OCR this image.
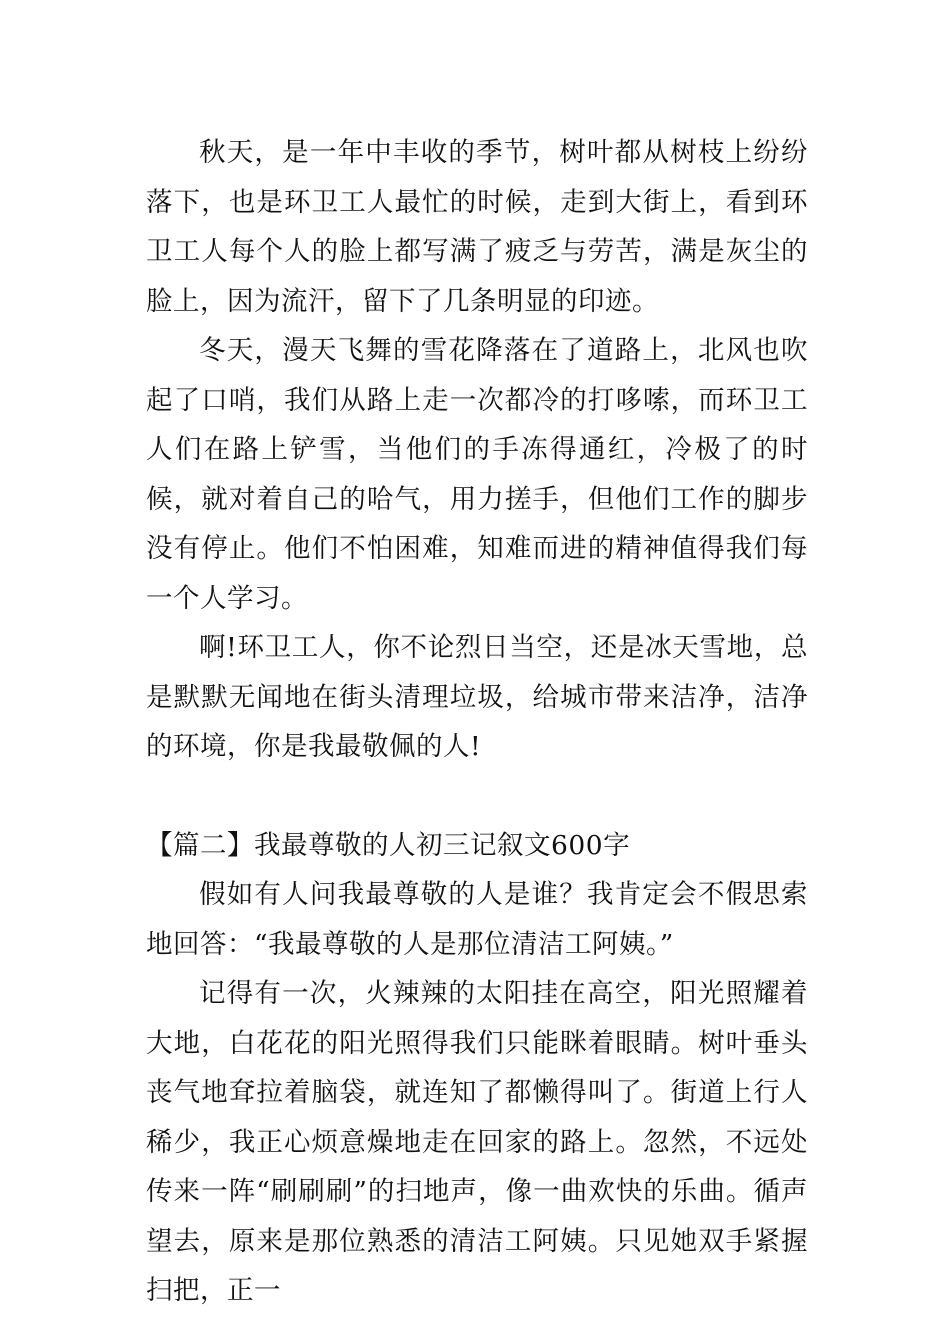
秋天，是一年中丰收的季节，树叶都从树枝上纷纷落下，也是环卫工人最忙的时候，走到大街上，看到环卫工人每个人的脸上都写满了疲乏与劳苦，满是灰尘的脸上，因为流汗，留下了几条明显的印迹。

冬天，漫天飞舞的雪花降落在了道路上，北风也吹起了口哨，我们从路上走一次都冷的打哆嗦，而环卫工人们在路上铲雪，当他们的手冻得通红，冷极了的时候，就对着自己的哈气，用力搓手，但他们工作的脚步没有停止。他们不怕困难，知难而进的精神值得我们每一个人学习。

啊!环卫工人，你不论烈日当空，还是冰天雪地，总是默默无闻地在街头清理垃圾，给城市带来洁净，洁净的环境，你是我最敬佩的人!

【篇二】我最尊敬的人初三记叙文600字

假如有人问我最尊敬的人是谁？我肯定会不假思索地回答：“我最尊敬的人是那位清洁工阿姨。”

记得有一次，火辣辣的太阳挂在高空，阳光照耀着大地，白花花的阳光照得我们只能眯着眼睛。树叶垂头丧气地耷拉着脑袋，就连知了都懒得叫了。街道上行人稀少，我正心烦意燥地走在回家的路上。忽然，不远处传来一阵“刷刷刷”的扫地声，像一曲欢快的乐曲。循声望去，原来是那位熟悉的清洁工阿姨。只见她双手紧握扫把，正一
